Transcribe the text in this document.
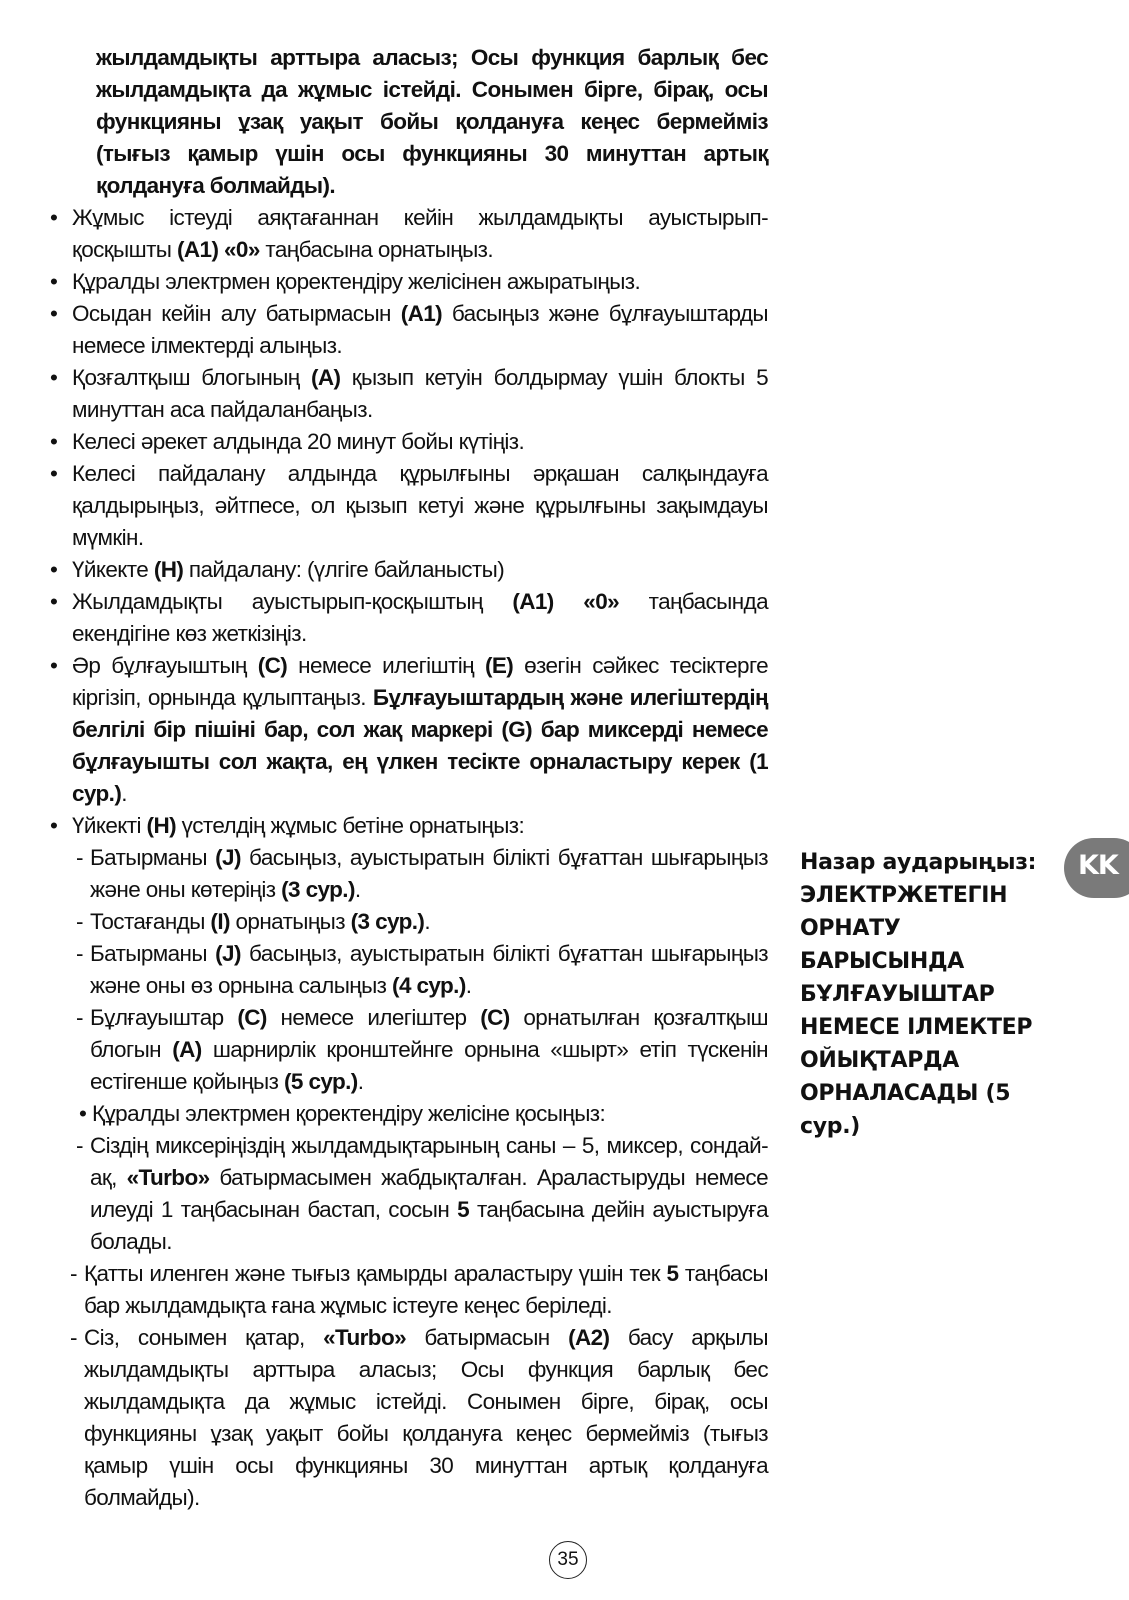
жылдамдықты арттыра аласыз; Осы функция барлық бес жылдамдықта да жұмыс істейді. Сонымен бірге, бірақ, осы функцияны ұзақ уақыт бойы қолдануға кеңес бермейміз (тығыз қамыр үшін осы функцияны 30 минуттан артық қолдануға болмайды).
• Жұмыс істеуді аяқтағаннан кейін жылдамдықты ауыстырып-қосқышты (A1) «0» таңбасына орнатыңыз.
• Құралды электрмен қоректендіру желісінен ажыратыңыз.
• Осыдан кейін алу батырмасын (A1) басыңыз және бұлғауыштарды немесе ілмектерді алыңыз.
• Қозғалтқыш блогының (A) қызып кетуін болдырмау үшін блокты 5 минуттан аса пайдаланбаңыз.
• Келесі әрекет алдында 20 минут бойы күтіңіз.
• Келесі пайдалану алдында құрылғыны әрқашан салқындауға қалдырыңыз, әйтпесе, ол қызып кетуі және құрылғыны зақымдауы мүмкін.
• Үйкекте (H) пайдалану: (үлгіге байланысты)
• Жылдамдықты ауыстырып-қосқыштың (A1) «0» таңбасында екендігіне көз жеткізіңіз.
• Әр бұлғауыштың (C) немесе илегіштің (E) өзегін сәйкес тесіктерге кіргізіп, орнында құлыптаңыз. Бұлғауыштардың және илегіштердің белгілі бір пішіні бар, сол жақ маркері (G) бар миксерді немесе бұлғауышты сол жақта, ең үлкен тесікте орналастыру керек (1 сур.).
• Үйкекті (H) үстелдің жұмыс бетіне орнатыңыз:
- Батырманы (J) басыңыз, ауыстыратын білікті бұғаттан шығарыңыз және оны көтеріңіз (3 сур.).
- Тостағанды (I) орнатыңыз (3 сур.).
- Батырманы (J) басыңыз, ауыстыратын білікті бұғаттан шығарыңыз және оны өз орнына салыңыз (4 сур.).
- Бұлғауыштар (C) немесе илегіштер (C) орнатылған қозғалтқыш блогын (A) шарнирлік кронштейнге орнына «шырт» етіп түскенін естігенше қойыңыз (5 сур.).
• Құралды электрмен қоректендіру желісіне қосыңыз:
- Сіздің миксеріңіздің жылдамдықтарының саны – 5, миксер, сондай-ақ, «Turbo» батырмасымен жабдықталған. Араластыруды немесе илеуді 1 таңбасынан бастап, сосын 5 таңбасына дейін ауыстыруға болады.
- Қатты иленген және тығыз қамырды араластыру үшін тек 5 таңбасы бар жылдамдықта ғана жұмыс істеуге кеңес беріледі.
- Сіз, сонымен қатар, «Turbo» батырмасын (A2) басу арқылы жылдамдықты арттыра аласыз; Осы функция барлық бес жылдамдықта да жұмыс істейді. Сонымен бірге, бірақ, осы функцияны ұзақ уақыт бойы қолдануға кеңес бермейміз (тығыз қамыр үшін осы функцияны 30 минуттан артық қолдануға болмайды).
Назар аударыңыз:
ЭЛЕКТРЖЕТЕГІН
ОРНАТУ
БАРЫСЫНДА
БҰЛҒАУЫШТАР
НЕМЕСЕ ІЛМЕКТЕР
ОЙЫҚТАРДА
ОРНАЛАСАДЫ (5
сур.)
KK
35
